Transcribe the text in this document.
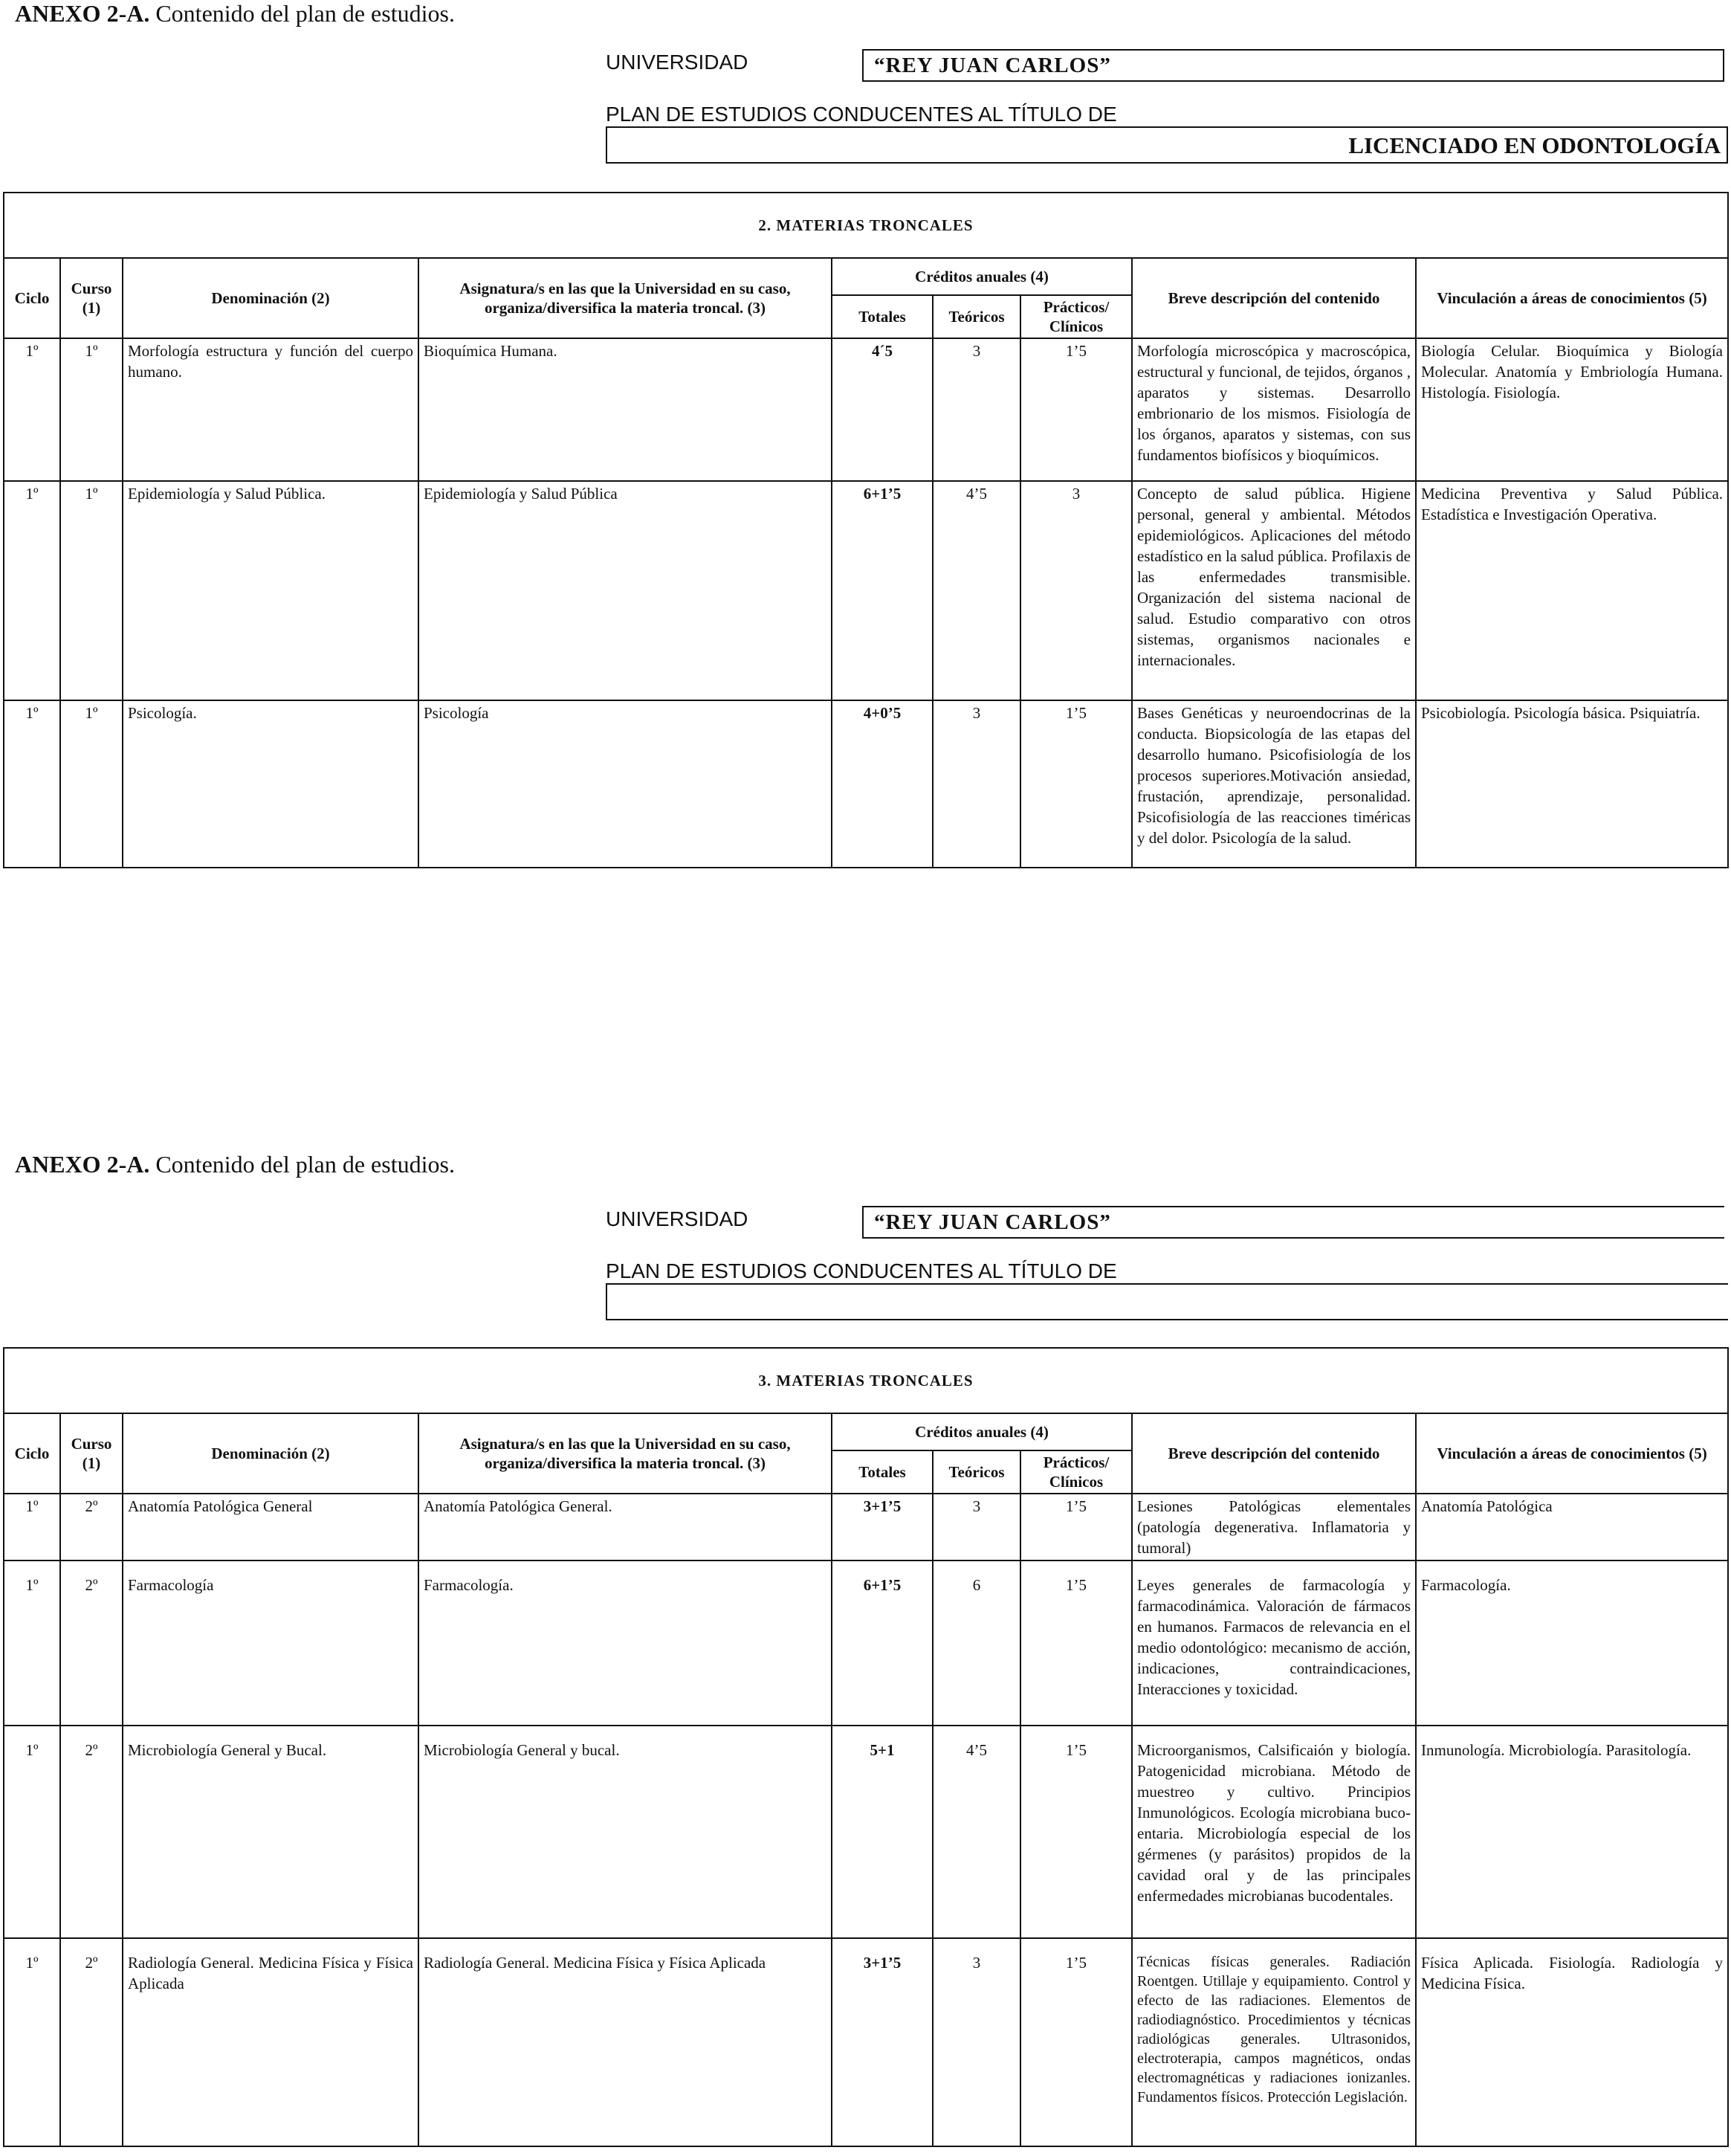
ANEXO 2-A. Contenido del plan de estudios.
UNIVERSIDAD	“REY JUAN CARLOS”
PLAN DE ESTUDIOS CONDUCENTES AL TÍTULO DE
LICENCIADO EN ODONTOLOGÍA
2. MATERIAS TRONCALES								
Ciclo	Curso (1)	Denominación (2)	Asignatura/s en las que la Universidad en su caso, organiza/diversifica la materia troncal. (3)	Créditos anuales (4)			Breve descripción del contenido	Vinculación a áreas de conocimientos (5)
				Totales	Teóricos	Prácticos/ Clínicos		
1º	1º	Morfología estructura y función del cuerpo humano.	Bioquímica Humana.	4´5	3	1’5	Morfología microscópica y macroscópica, estructural y funcional, de tejidos, órganos , aparatos y sistemas. Desarrollo embrionario de los mismos. Fisiología de los órganos, aparatos y sistemas, con sus fundamentos biofísicos y bioquímicos.	Biología Celular. Bioquímica y Biología Molecular. Anatomía y Embriología Humana. Histología. Fisiología.
1º	1º	Epidemiología y Salud Pública.	Epidemiología y Salud Pública	6+1’5	4’5	3	Concepto de salud pública. Higiene personal, general y ambiental. Métodos epidemiológicos. Aplicaciones del método estadístico en la salud pública. Profilaxis de las enfermedades transmisible. Organización del sistema nacional de salud. Estudio comparativo con otros sistemas, organismos nacionales e internacionales.	Medicina Preventiva y Salud Pública. Estadística e Investigación Operativa.
1º	1º	Psicología.	Psicología	4+0’5	3	1’5	Bases Genéticas y neuroendocrinas de la conducta. Biopsicología de las etapas del desarrollo humano. Psicofisiología de los procesos superiores.Motivación ansiedad, frustación, aprendizaje, personalidad. Psicofisiología de las reacciones timéricas y del dolor. Psicología de la salud.	Psicobiología. Psicología básica. Psiquiatría.
ANEXO 2-A. Contenido del plan de estudios.
UNIVERSIDAD	“REY JUAN CARLOS”
PLAN DE ESTUDIOS CONDUCENTES AL TÍTULO DE
3. MATERIAS TRONCALES								
Ciclo	Curso (1)	Denominación (2)	Asignatura/s en las que la Universidad en su caso, organiza/diversifica la materia troncal. (3)	Créditos anuales (4)			Breve descripción del contenido	Vinculación a áreas de conocimientos (5)
				Totales	Teóricos	Prácticos/ Clínicos		
1º	2º	Anatomía Patológica General	Anatomía Patológica General.	3+1’5	3	1’5	Lesiones Patológicas elementales (patología degenerativa. Inflamatoria y tumoral)	Anatomía Patológica
1º	2º	Farmacología	Farmacología.	6+1’5	6	1’5	Leyes generales de farmacología y farmacodinámica. Valoración de fármacos en humanos. Farmacos de relevancia en el medio odontológico: mecanismo de acción, indicaciones, contraindicaciones, Interacciones y toxicidad.	Farmacología.
1º	2º	Microbiología General y Bucal.	Microbiología General y bucal.	5+1	4’5	1’5	Microorganismos, Calsificaión y biología. Patogenicidad microbiana. Método de muestreo y cultivo. Principios Inmunológicos. Ecología microbiana buco-entaria. Microbiología especial de los gérmenes (y parásitos) propidos de la cavidad oral y de las principales enfermedades microbianas bucodentales.	Inmunología. Microbiología. Parasitología.
1º	2º	Radiología General. Medicina Física y Física Aplicada	Radiología General. Medicina Física y Física Aplicada	3+1’5	3	1’5	Técnicas físicas generales. Radiación Roentgen. Utillaje y equipamiento. Control y efecto de las radiaciones. Elementos de radiodiagnóstico. Procedimientos y técnicas radiológicas generales. Ultrasonidos, electroterapia, campos magnéticos, ondas electromagnéticas y radiaciones ionizanles. Fundamentos físicos. Protección Legislación.	Física Aplicada. Fisiología. Radiología y Medicina Física.
